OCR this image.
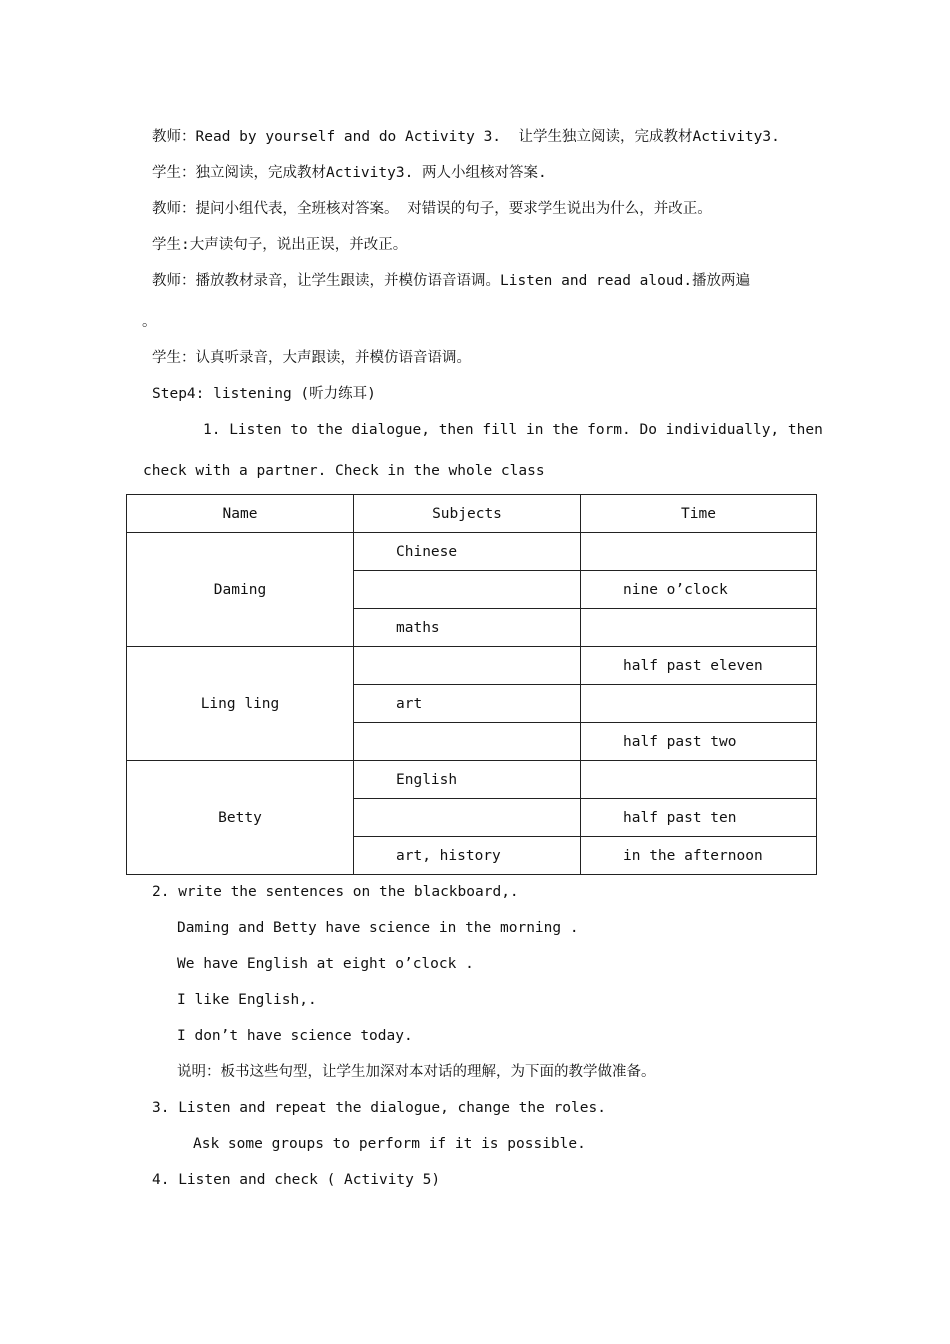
教师：Read by yourself and do Activity 3.  让学生独立阅读，完成教材Activity3.
学生：独立阅读，完成教材Activity3. 两人小组核对答案.
教师：提问小组代表，全班核对答案。 对错误的句子，要求学生说出为什么，并改正。
学生:大声读句子，说出正误，并改正。
教师：播放教材录音，让学生跟读，并模仿语音语调。Listen and read aloud.播放两遍
。
学生：认真听录音，大声跟读，并模仿语音语调。
Step4: listening (听力练耳)
1. Listen to the dialogue, then fill in the form. Do individually, then
check with a partner. Check in the whole class
Name	Subjects	Time
Daming	Chinese	
		nine o’clock
	maths	
Ling ling		half past eleven
	art	
		half past two
Betty	English	
		half past ten
	art, history	in the afternoon
2. write the sentences on the blackboard,.
Daming and Betty have science in the morning .
We have English at eight o’clock .
I like English,.
I don’t have science today.
说明：板书这些句型，让学生加深对本对话的理解，为下面的教学做准备。
3. Listen and repeat the dialogue, change the roles.
Ask some groups to perform if it is possible.
4. Listen and check ( Activity 5)
